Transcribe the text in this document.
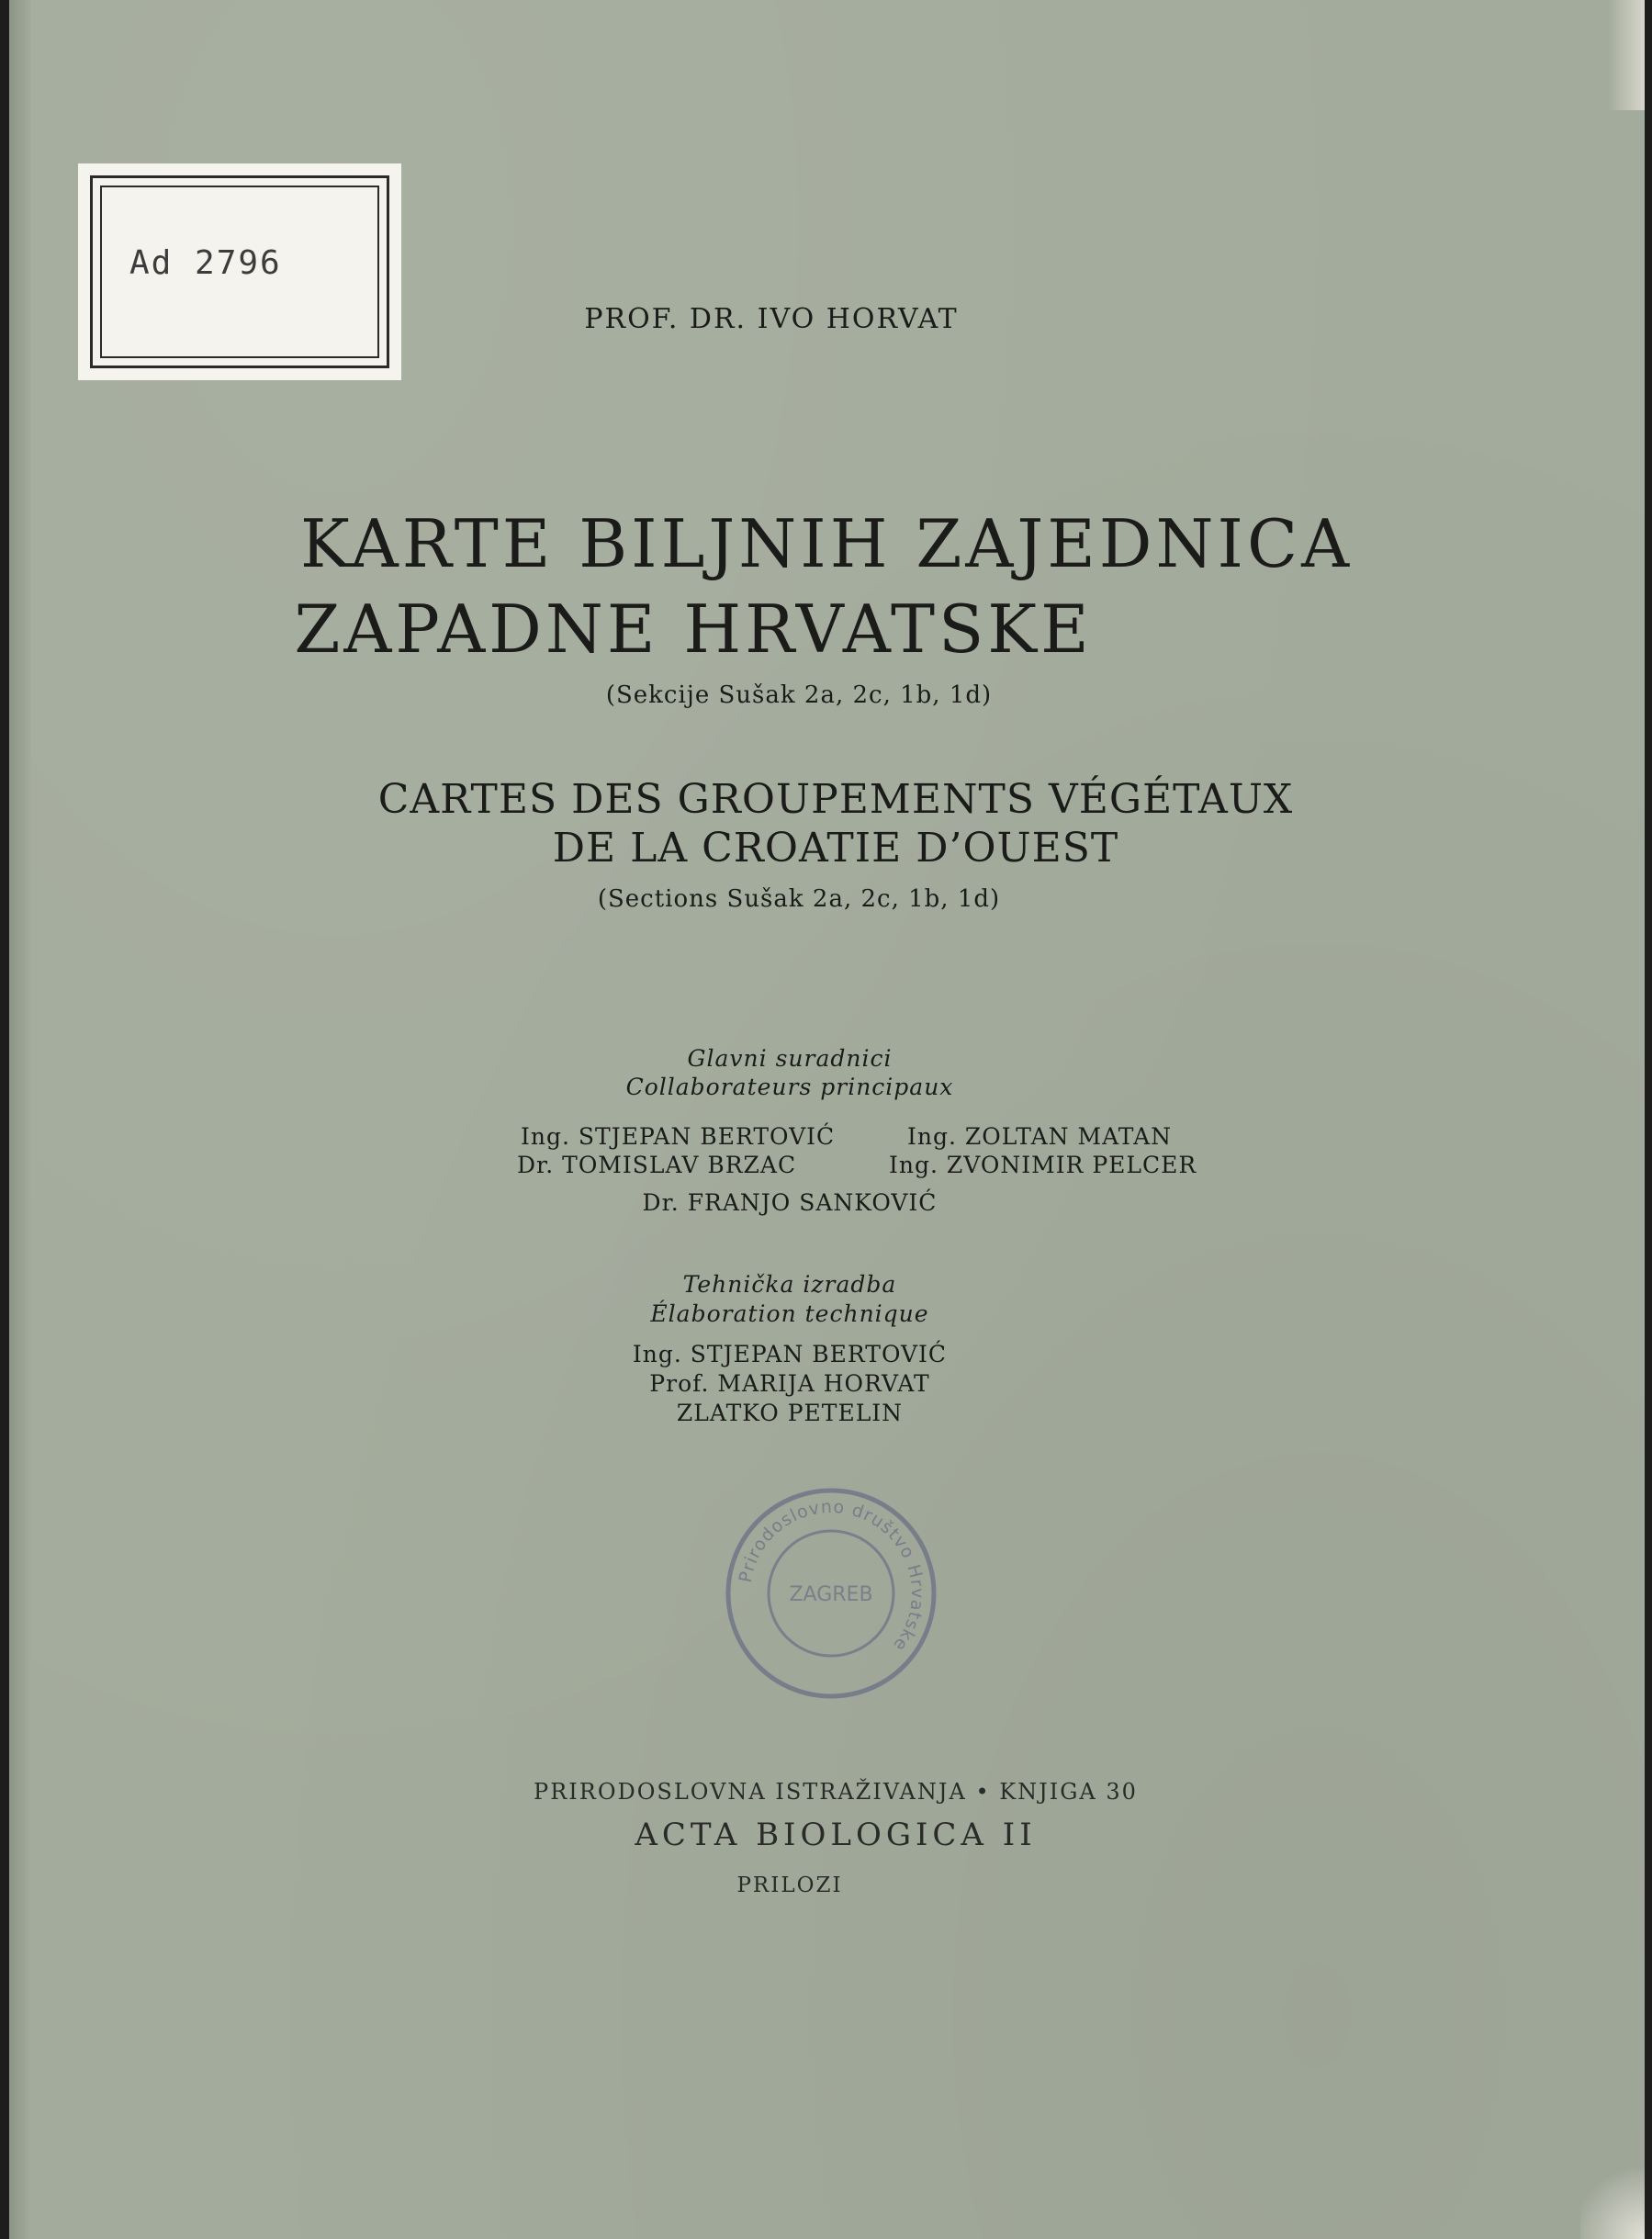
Ad 2796
PROF. DR. IVO HORVAT
KARTE BILJNIH ZAJEDNICA
ZAPADNE HRVATSKE
(Sekcije Sušak 2a, 2c, 1b, 1d)
CARTES DES GROUPEMENTS VÉGÉTAUX
DE LA CROATIE D’OUEST
(Sections Sušak 2a, 2c, 1b, 1d)
Glavni suradnici
Collaborateurs principaux
Ing. STJEPAN BERTOVIĆ	Ing. ZOLTAN MATAN
Dr. TOMISLAV BRZAC	Ing. ZVONIMIR PELCER
Dr. FRANJO SANKOVIĆ
Tehnička izradba
Élaboration technique
Ing. STJEPAN BERTOVIĆ
Prof. MARIJA HORVAT
ZLATKO PETELIN
Prirodoslovno društvo Hrvatske
ZAGREB
PRIRODOSLOVNA ISTRAŽIVANJA • KNJIGA 30
ACTA BIOLOGICA II
PRILOZI
